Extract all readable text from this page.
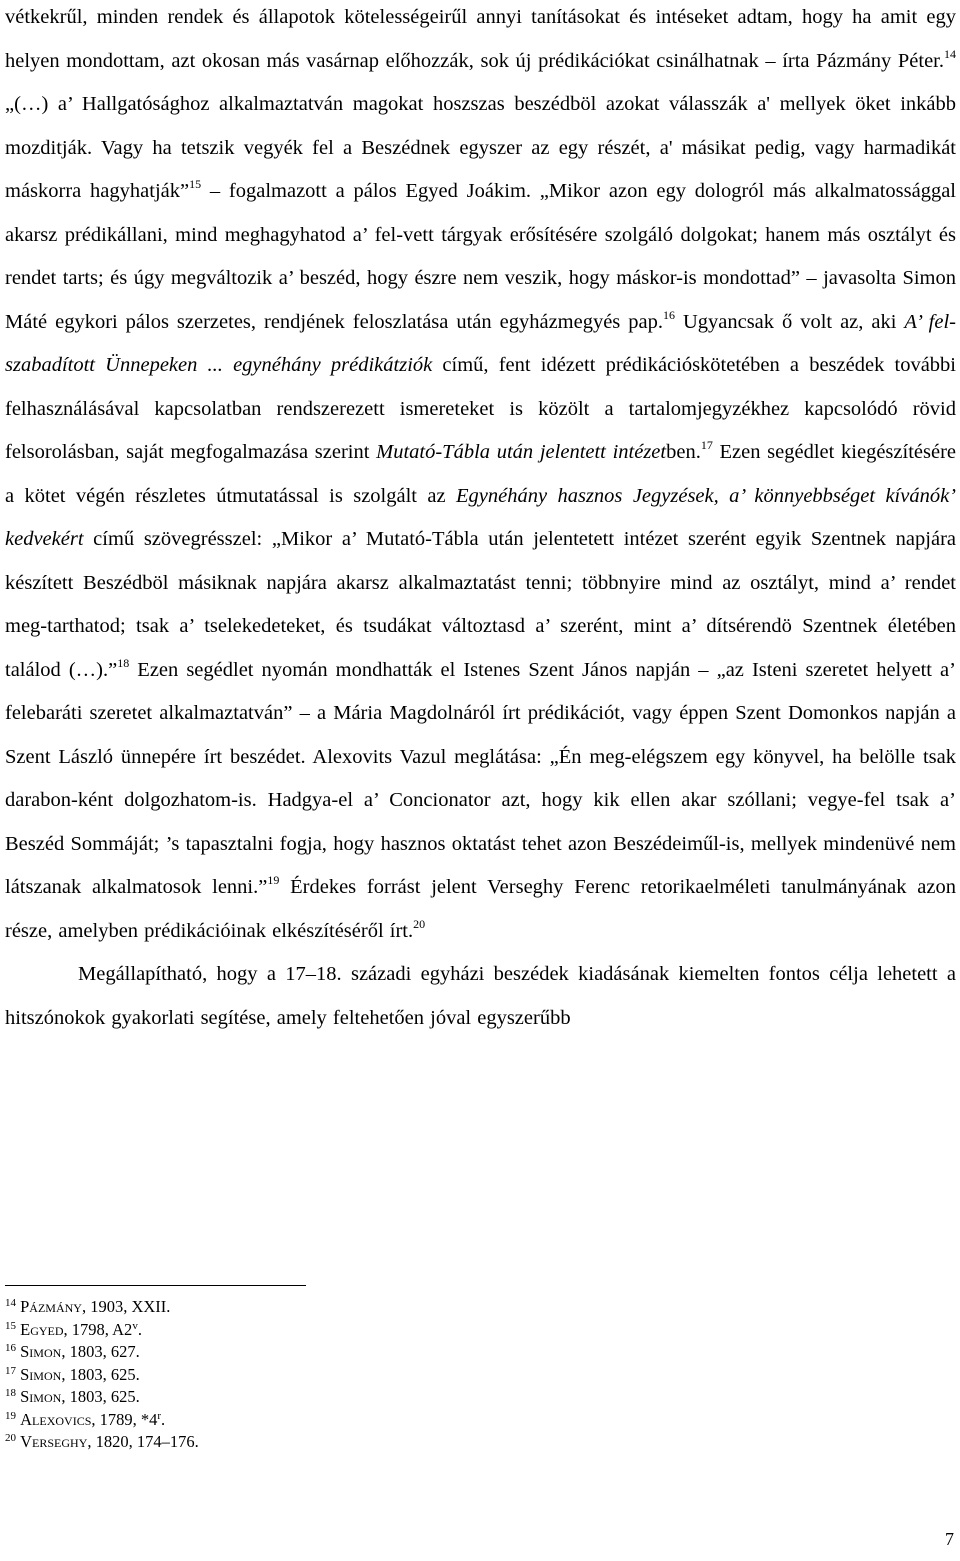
vétkekrűl, minden rendek és állapotok kötelességeirűl annyi tanításokat és intéseket adtam, hogy ha amit egy helyen mondottam, azt okosan más vasárnap előhozzák, sok új prédikációkat csinálhatnak – írta Pázmány Péter.$^{14}$ „(…) a’ Hallgatósághoz alkalmaztatván magokat hoszszas beszédböl azokat válasszák a' mellyek öket inkább mozditják. Vagy ha tetszik vegyék fel a Beszédnek egyszer az egy részét, a' másikat pedig, vagy harmadikát máskorra hagyhatják”$^{15}$ – fogalmazott a pálos Egyed Joákim. „Mikor azon egy dologról más alkalmatossággal akarsz prédikállani, mind meghagyhatod a’ fel-vett tárgyak erősítésére szolgáló dolgokat; hanem más osztályt és rendet tarts; és úgy megváltozik a’ beszéd, hogy észre nem veszik, hogy máskor-is mondottad” – javasolta Simon Máté egykori pálos szerzetes, rendjének feloszlatása után egyházmegyés pap.$^{16}$ Ugyancsak ő volt az, aki A’ fel-szabadított Ünnepeken ... egynéhány prédikátziók című, fent idézett prédikációskötetében a beszédek további felhasználásával kapcsolatban rendszerezett ismereteket is közölt a tartalomjegyzékhez kapcsolódó rövid felsorolásban, saját megfogalmazása szerint Mutató-Tábla után jelentett intézetben.$^{17}$ Ezen segédlet kiegészítésére a kötet végén részletes útmutatással is szolgált az Egynéhány hasznos Jegyzések, a’ könnyebbséget kívánók’ kedvekért című szövegrésszel: „Mikor a’ Mutató-Tábla után jelentetett intézet szerént egyik Szentnek napjára készített Beszédböl másiknak napjára akarsz alkalmaztatást tenni; többnyire mind az osztályt, mind a’ rendet meg-tarthatod; tsak a’ tselekedeteket, és tsudákat változtasd a’ szerént, mint a’ dítsérendö Szentnek életében találod (…).”$^{18}$ Ezen segédlet nyomán mondhatták el Istenes Szent János napján – „az Isteni szeretet helyett a’ felebaráti szeretet alkalmaztatván” – a Mária Magdolnáról írt prédikációt, vagy éppen Szent Domonkos napján a Szent László ünnepére írt beszédet. Alexovits Vazul meglátása: „Én meg-elégszem egy könyvel, ha belölle tsak darabon-ként dolgozhatom-is. Hadgya-el a’ Concionator azt, hogy kik ellen akar szóllani; vegye-fel tsak a’ Beszéd Sommáját; ’s tapasztalni fogja, hogy hasznos oktatást tehet azon Beszédeiműl-is, mellyek mindenüvé nem látszanak alkalmatosok lenni.”$^{19}$ Érdekes forrást jelent Verseghy Ferenc retorikaelméleti tanulmányának azon része, amelyben prédikációinak elkészítéséről írt.$^{20}$

Megállapítható, hogy a 17–18. századi egyházi beszédek kiadásának kiemelten fontos célja lehetett a hitszónokok gyakorlati segítése, amely feltehetően jóval egyszerűbb

$^{14}$ Pázmány, 1903, XXII.
$^{15}$ Egyed, 1798, A2$^v$.
$^{16}$ Simon, 1803, 627.
$^{17}$ Simon, 1803, 625.
$^{18}$ Simon, 1803, 625.
$^{19}$ Alexovics, 1789, *4$^r$.
$^{20}$ Verseghy, 1820, 174–176.
7
